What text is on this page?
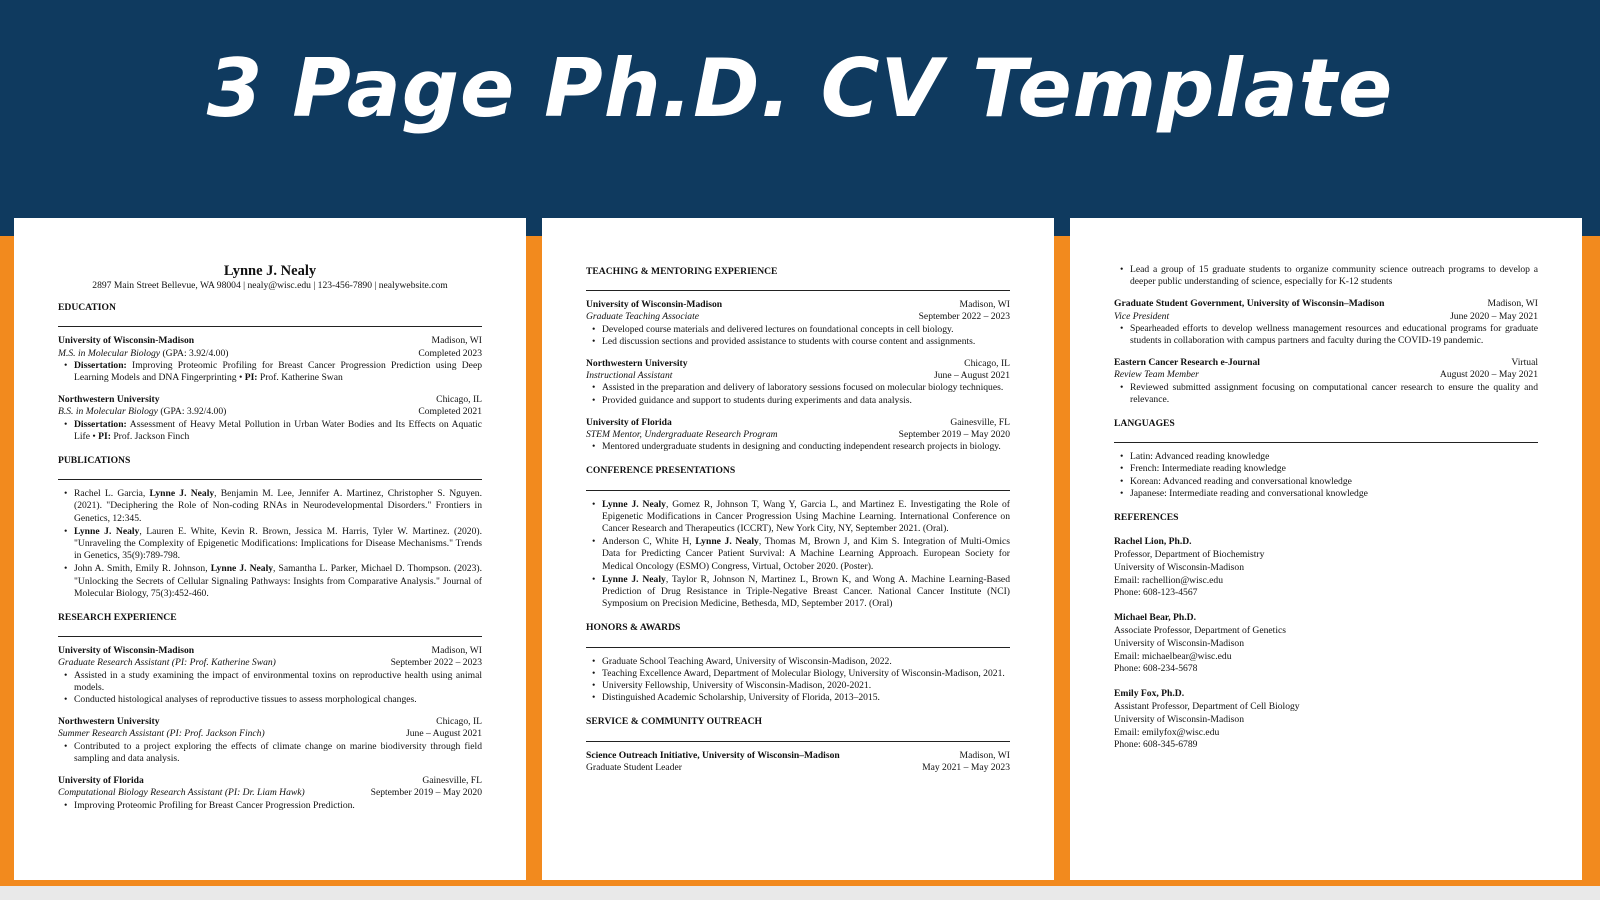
3 Page Ph.D. CV Template
Lynne J. Nealy
2897 Main Street Bellevue, WA 98004 | nealy@wisc.edu | 123-456-7890 | nealywebsite.com
EDUCATION
University of Wisconsin-Madison	Madison, WI
M.S. in Molecular Biology (GPA: 3.92/4.00)	Completed 2023
• Dissertation: Improving Proteomic Profiling for Breast Cancer Progression Prediction using Deep Learning Models and DNA Fingerprinting • PI: Prof. Katherine Swan
Northwestern University	Chicago, IL
B.S. in Molecular Biology (GPA: 3.92/4.00)	Completed 2021
• Dissertation: Assessment of Heavy Metal Pollution in Urban Water Bodies and Its Effects on Aquatic Life • PI: Prof. Jackson Finch
PUBLICATIONS
• Rachel L. Garcia, Lynne J. Nealy, Benjamin M. Lee, Jennifer A. Martinez, Christopher S. Nguyen. (2021). "Deciphering the Role of Non-coding RNAs in Neurodevelopmental Disorders." Frontiers in Genetics, 12:345.
• Lynne J. Nealy, Lauren E. White, Kevin R. Brown, Jessica M. Harris, Tyler W. Martinez. (2020). "Unraveling the Complexity of Epigenetic Modifications: Implications for Disease Mechanisms." Trends in Genetics, 35(9):789-798.
• John A. Smith, Emily R. Johnson, Lynne J. Nealy, Samantha L. Parker, Michael D. Thompson. (2023). "Unlocking the Secrets of Cellular Signaling Pathways: Insights from Comparative Analysis." Journal of Molecular Biology, 75(3):452-460.
RESEARCH EXPERIENCE
University of Wisconsin-Madison	Madison, WI
Graduate Research Assistant (PI: Prof. Katherine Swan)	September 2022 – 2023
• Assisted in a study examining the impact of environmental toxins on reproductive health using animal models.
• Conducted histological analyses of reproductive tissues to assess morphological changes.
Northwestern University	Chicago, IL
Summer Research Assistant (PI: Prof. Jackson Finch)	June – August 2021
• Contributed to a project exploring the effects of climate change on marine biodiversity through field sampling and data analysis.
University of Florida	Gainesville, FL
Computational Biology Research Assistant (PI: Dr. Liam Hawk)	September 2019 – May 2020
• Improving Proteomic Profiling for Breast Cancer Progression Prediction.
TEACHING & MENTORING EXPERIENCE
University of Wisconsin-Madison	Madison, WI
Graduate Teaching Associate	September 2022 – 2023
• Developed course materials and delivered lectures on foundational concepts in cell biology.
• Led discussion sections and provided assistance to students with course content and assignments.
Northwestern University	Chicago, IL
Instructional Assistant	June – August 2021
• Assisted in the preparation and delivery of laboratory sessions focused on molecular biology techniques.
• Provided guidance and support to students during experiments and data analysis.
University of Florida	Gainesville, FL
STEM Mentor, Undergraduate Research Program	September 2019 – May 2020
• Mentored undergraduate students in designing and conducting independent research projects in biology.
CONFERENCE PRESENTATIONS
• Lynne J. Nealy, Gomez R, Johnson T, Wang Y, Garcia L, and Martinez E. Investigating the Role of Epigenetic Modifications in Cancer Progression Using Machine Learning. International Conference on Cancer Research and Therapeutics (ICCRT), New York City, NY, September 2021. (Oral).
• Anderson C, White H, Lynne J. Nealy, Thomas M, Brown J, and Kim S. Integration of Multi-Omics Data for Predicting Cancer Patient Survival: A Machine Learning Approach. European Society for Medical Oncology (ESMO) Congress, Virtual, October 2020. (Poster).
• Lynne J. Nealy, Taylor R, Johnson N, Martinez L, Brown K, and Wong A. Machine Learning-Based Prediction of Drug Resistance in Triple-Negative Breast Cancer. National Cancer Institute (NCI) Symposium on Precision Medicine, Bethesda, MD, September 2017. (Oral)
HONORS & AWARDS
• Graduate School Teaching Award, University of Wisconsin-Madison, 2022.
• Teaching Excellence Award, Department of Molecular Biology, University of Wisconsin-Madison, 2021.
• University Fellowship, University of Wisconsin-Madison, 2020-2021.
• Distinguished Academic Scholarship, University of Florida, 2013–2015.
SERVICE & COMMUNITY OUTREACH
Science Outreach Initiative, University of Wisconsin–Madison	Madison, WI
Graduate Student Leader	May 2021 – May 2023
• Lead a group of 15 graduate students to organize community science outreach programs to develop a deeper public understanding of science, especially for K-12 students
Graduate Student Government, University of Wisconsin–Madison	Madison, WI
Vice President	June 2020 – May 2021
• Spearheaded efforts to develop wellness management resources and educational programs for graduate students in collaboration with campus partners and faculty during the COVID-19 pandemic.
Eastern Cancer Research e-Journal	Virtual
Review Team Member	August 2020 – May 2021
• Reviewed submitted assignment focusing on computational cancer research to ensure the quality and relevance.
LANGUAGES
• Latin: Advanced reading knowledge
• French: Intermediate reading knowledge
• Korean: Advanced reading and conversational knowledge
• Japanese: Intermediate reading and conversational knowledge
REFERENCES
Rachel Lion, Ph.D.
Professor, Department of Biochemistry
University of Wisconsin-Madison
Email: rachellion@wisc.edu
Phone: 608-123-4567
Michael Bear, Ph.D.
Associate Professor, Department of Genetics
University of Wisconsin-Madison
Email: michaelbear@wisc.edu
Phone: 608-234-5678
Emily Fox, Ph.D.
Assistant Professor, Department of Cell Biology
University of Wisconsin-Madison
Email: emilyfox@wisc.edu
Phone: 608-345-6789
